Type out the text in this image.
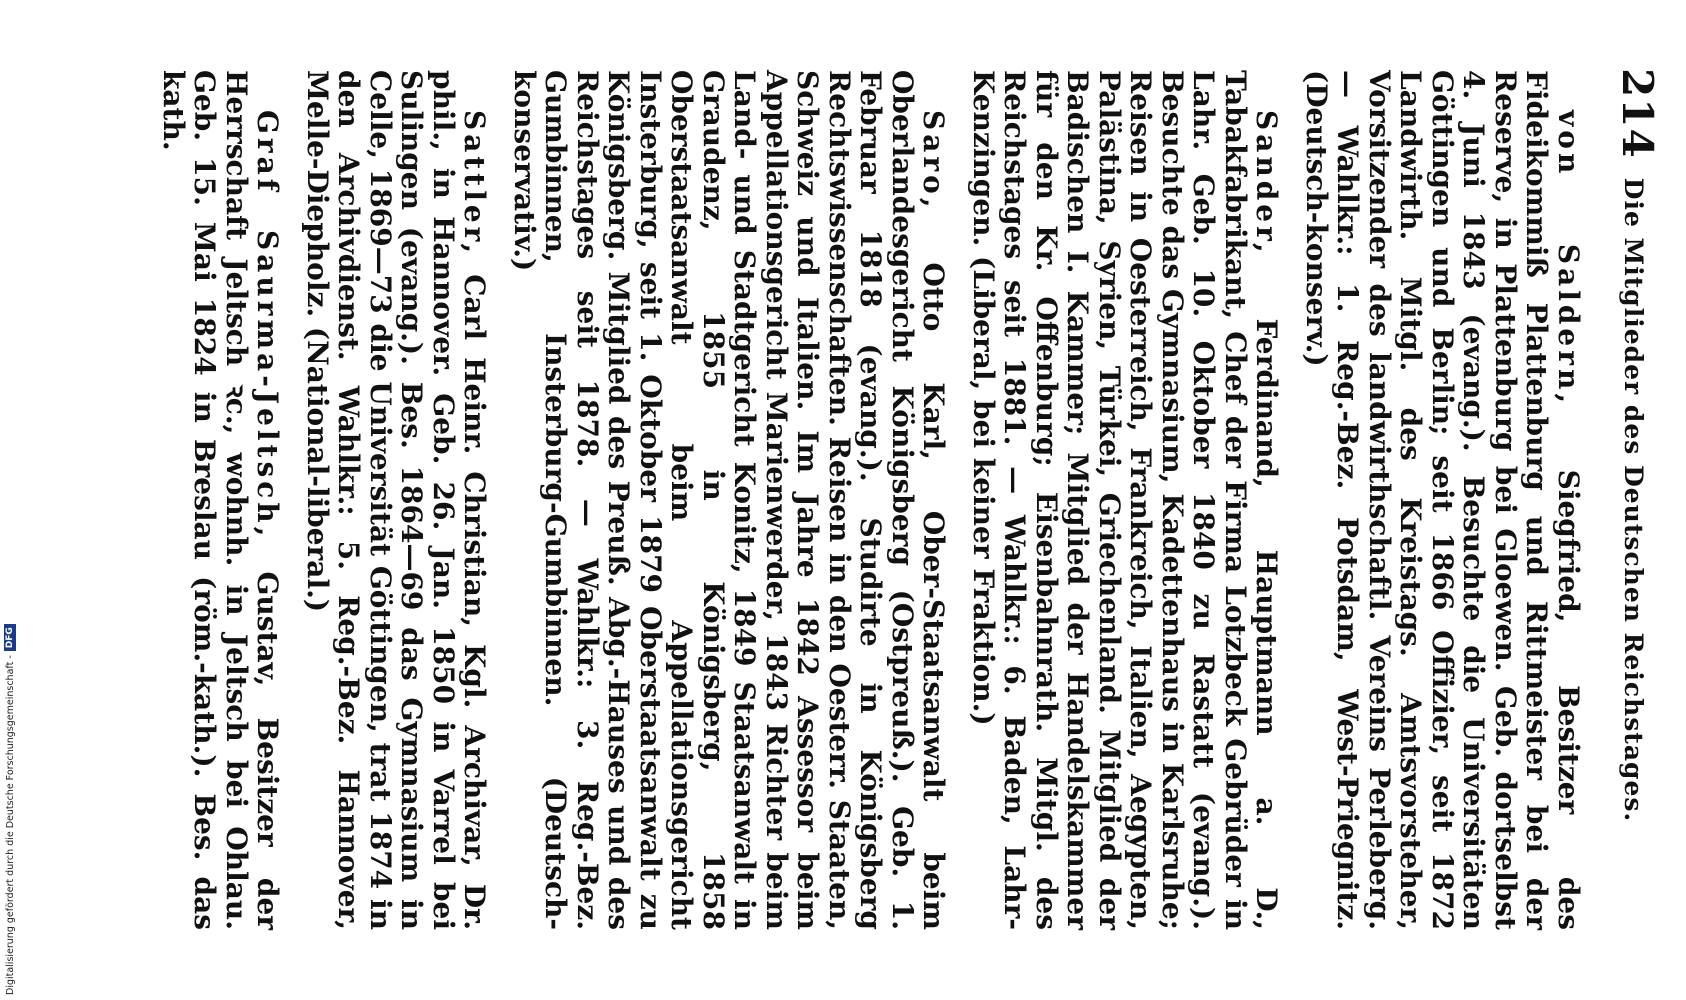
214
Die Mitglieder des Deutschen Reichstages.

von Saldern, Siegfried, Besitzer des Fideikommiß Plattenburg und Rittmeister bei der Reserve, in Plattenburg bei Gloewen. Geb. dortselbst 4. Juni 1843 (evang.). Besuchte die Universitäten Göttingen und Berlin; seit 1866 Offizier, seit 1872 Landwirth. Mitgl. des Kreistags. Amtsvorsteher, Vorsitzender des landwirthschaftl. Vereins Perleberg. — Wahlkr.: 1. Reg.-Bez. Potsdam, West-Priegnitz. (Deutsch-konserv.)

Sander, Ferdinand, Hauptmann a. D., Tabakfabrikant, Chef der Firma Lotzbeck Gebrüder in Lahr. Geb. 10. Oktober 1840 zu Rastatt (evang.). Besuchte das Gymnasium, Kadettenhaus in Karlsruhe; Reisen in Oesterreich, Frankreich, Italien, Aegypten, Palästina, Syrien, Türkei, Griechenland. Mitglied der Badischen I. Kammer; Mitglied der Handelskammer für den Kr. Offenburg; Eisenbahnrath. Mitgl. des Reichstages seit 1881. — Wahlkr.: 6. Baden, Lahr-Kenzingen. (Liberal, bei keiner Fraktion.)

Saro, Otto Karl, Ober-Staatsanwalt beim Oberlandesgericht Königsberg (Ostpreuß.). Geb. 1. Februar 1818 (evang.). Studirte in Königsberg Rechtswissenschaften. Reisen in den Oesterr. Staaten, Schweiz und Italien. Im Jahre 1842 Assessor beim Appellationsgericht Marienwerder, 1843 Richter beim Land- und Stadtgericht Konitz, 1849 Staatsanwalt in Graudenz, 1855 in Königsberg, 1858 Oberstaatsanwalt beim Appellationsgericht Insterburg, seit 1. Oktober 1879 Oberstaatsanwalt zu Königsberg. Mitglied des Preuß. Abg.-Hauses und des Reichstages seit 1878. — Wahlkr.: 3. Reg.-Bez. Gumbinnen, Insterburg-Gumbinnen. (Deutsch-konservativ.)

Sattler, Carl Heinr. Christian, Kgl. Archivar, Dr. phil., in Hannover. Geb. 26. Jan. 1850 in Varrel bei Sulingen (evang.). Bes. 1864—69 das Gymnasium in Celle, 1869—73 die Universität Göttingen, trat 1874 in den Archivdienst. Wahlkr.: 5. Reg.-Bez. Hannover, Melle-Diepholz. (National-liberal.)

Graf Saurma-Jeltsch, Gustav, Besitzer der Herrschaft Jeltsch ꝛc., wohnh. in Jeltsch bei Ohlau. Geb. 15. Mai 1824 in Breslau (röm.-kath.). Bes. das kath.

Digitalisierung gefördert durch die Deutsche Forschungsgemeinschaft -
DFG
